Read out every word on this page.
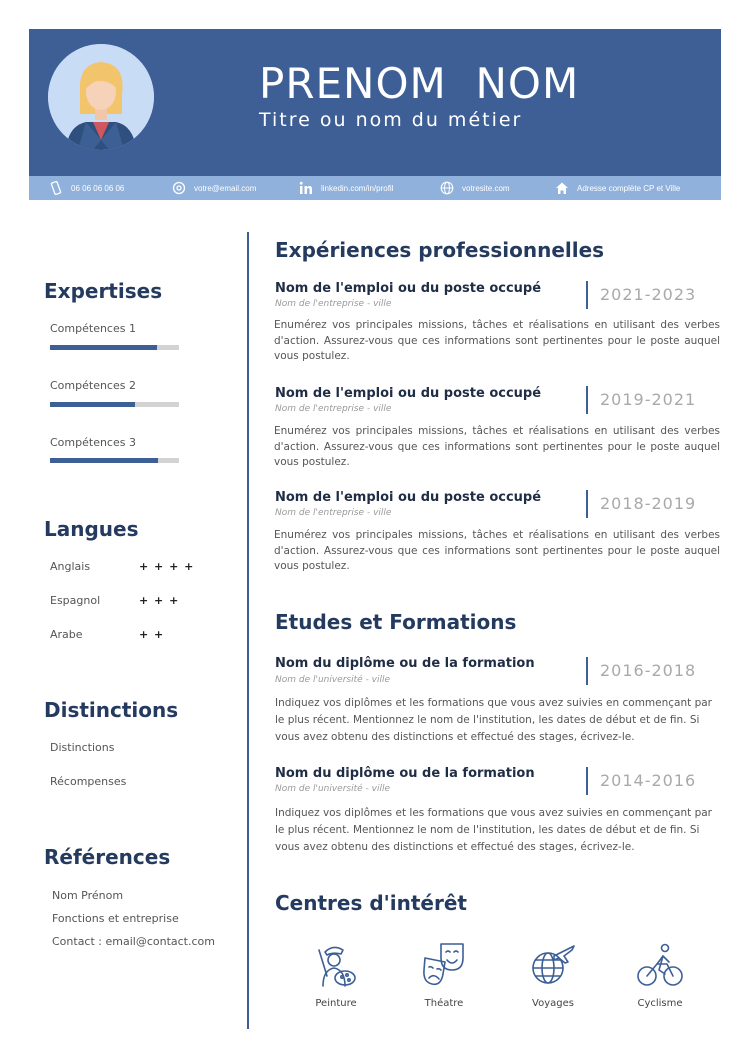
PRENOM NOM
Titre ou nom du métier
06 06 06 06 06	votre@email.com	linkedin.com/in/profil	votresite.com	Adresse complète CP et Ville
Expertises
Compétences 1
Compétences 2
Compétences 3
Langues
Anglais	+ + + +
Espagnol	+ + +
Arabe	+ +
Distinctions
Distinctions
Récompenses
Références
Nom Prénom
Fonctions et entreprise
Contact : email@contact.com
Expériences professionnelles
Nom de l'emploi ou du poste occupé
Nom de l'entreprise - ville	2021-2023
Enumérez vos principales missions, tâches et réalisations en utilisant des verbes d'action. Assurez-vous que ces informations sont pertinentes pour le poste auquel vous postulez.
Nom de l'emploi ou du poste occupé
Nom de l'entreprise - ville	2019-2021
Enumérez vos principales missions, tâches et réalisations en utilisant des verbes d'action. Assurez-vous que ces informations sont pertinentes pour le poste auquel vous postulez.
Nom de l'emploi ou du poste occupé
Nom de l'entreprise - ville	2018-2019
Enumérez vos principales missions, tâches et réalisations en utilisant des verbes d'action. Assurez-vous que ces informations sont pertinentes pour le poste auquel vous postulez.
Etudes et Formations
Nom du diplôme ou de la formation
Nom de l'université - ville	2016-2018
Indiquez vos diplômes et les formations que vous avez suivies en commençant par le plus récent. Mentionnez le nom de l'institution, les dates de début et de fin. Si vous avez obtenu des distinctions et effectué des stages, écrivez-le.
Nom du diplôme ou de la formation
Nom de l'université - ville	2014-2016
Indiquez vos diplômes et les formations que vous avez suivies en commençant par le plus récent. Mentionnez le nom de l'institution, les dates de début et de fin. Si vous avez obtenu des distinctions et effectué des stages, écrivez-le.
Centres d'intérêt
Peinture	Théatre	Voyages	Cyclisme
